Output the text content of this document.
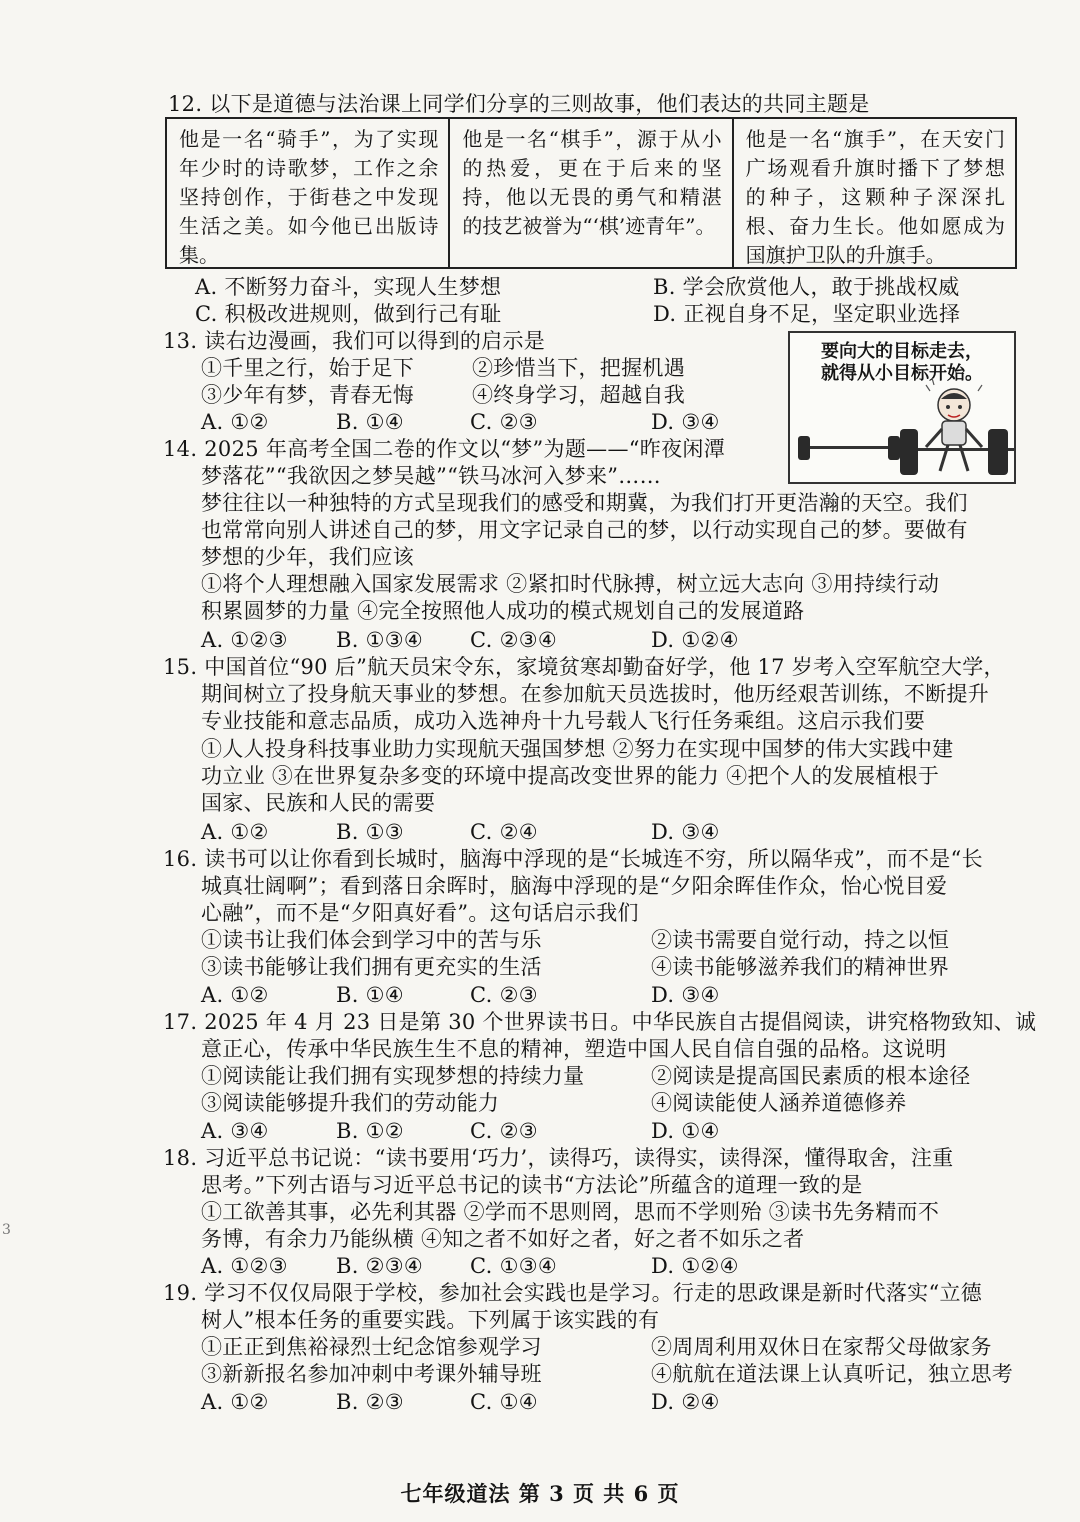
12. 以下是道德与法治课上同学们分享的三则故事，他们表达的共同主题是
他是一名“骑手”，为了实现年少时的诗歌梦，工作之余坚持创作，于街巷之中发现生活之美。如今他已出版诗集。
他是一名“棋手”，源于从小的热爱，更在于后来的坚持，他以无畏的勇气和精湛的技艺被誉为“‘棋’迹青年”。
他是一名“旗手”，在天安门广场观看升旗时播下了梦想的种子，这颗种子深深扎根、奋力生长。他如愿成为国旗护卫队的升旗手。
A. 不断努力奋斗，实现人生梦想	B. 学会欣赏他人，敢于挑战权威
C. 积极改进规则，做到行己有耻	D. 正视自身不足，坚定职业选择
13. 读右边漫画，我们可以得到的启示是
①千里之行，始于足下	②珍惜当下，把握机遇
③少年有梦，青春无悔	④终身学习，超越自我
A. ①②	B. ①④	C. ②③	D. ③④
要向大的目标走去，
就得从小目标开始。
14. 2025 年高考全国二卷的作文以“梦”为题——“昨夜闲潭
梦落花”“我欲因之梦吴越”“铁马冰河入梦来”……
梦往往以一种独特的方式呈现我们的感受和期冀，为我们打开更浩瀚的天空。我们
也常常向别人讲述自己的梦，用文字记录自己的梦，以行动实现自己的梦。要做有
梦想的少年，我们应该
①将个人理想融入国家发展需求 ②紧扣时代脉搏，树立远大志向 ③用持续行动
积累圆梦的力量 ④完全按照他人成功的模式规划自己的发展道路
A. ①②③ B. ①③④ C. ②③④	D. ①②④
15. 中国首位“90 后”航天员宋令东，家境贫寒却勤奋好学，他 17 岁考入空军航空大学，
期间树立了投身航天事业的梦想。在参加航天员选拔时，他历经艰苦训练，不断提升
专业技能和意志品质，成功入选神舟十九号载人飞行任务乘组。这启示我们要
①人人投身科技事业助力实现航天强国梦想 ②努力在实现中国梦的伟大实践中建
功立业 ③在世界复杂多变的环境中提高改变世界的能力 ④把个人的发展植根于
国家、民族和人民的需要
A. ①②	B. ①③	C. ②④	D. ③④
16. 读书可以让你看到长城时，脑海中浮现的是“长城连不穷，所以隔华戎”，而不是“长
城真壮阔啊”；看到落日余晖时，脑海中浮现的是“夕阳余晖佳作众，怡心悦目爱
心融”，而不是“夕阳真好看”。这句话启示我们
①读书让我们体会到学习中的苦与乐	②读书需要自觉行动，持之以恒
③读书能够让我们拥有更充实的生活	④读书能够滋养我们的精神世界
A. ①②	B. ①④	C. ②③	D. ③④
17. 2025 年 4 月 23 日是第 30 个世界读书日。中华民族自古提倡阅读，讲究格物致知、诚
意正心，传承中华民族生生不息的精神，塑造中国人民自信自强的品格。这说明
①阅读能让我们拥有实现梦想的持续力量	②阅读是提高国民素质的根本途径
③阅读能够提升我们的劳动能力	④阅读能使人涵养道德修养
A. ③④	B. ①②	C. ②③	D. ①④
18. 习近平总书记说：“读书要用‘巧力’，读得巧，读得实，读得深，懂得取舍，注重
思考。”下列古语与习近平总书记的读书“方法论”所蕴含的道理一致的是
①工欲善其事，必先利其器 ②学而不思则罔，思而不学则殆 ③读书先务精而不
务博，有余力乃能纵横 ④知之者不如好之者，好之者不如乐之者
A. ①②③ B. ②③④ C. ①③④	D. ①②④
19. 学习不仅仅局限于学校，参加社会实践也是学习。行走的思政课是新时代落实“立德
树人”根本任务的重要实践。下列属于该实践的有
①正正到焦裕禄烈士纪念馆参观学习	②周周利用双休日在家帮父母做家务
③新新报名参加冲刺中考课外辅导班	④航航在道法课上认真听记，独立思考
A. ①②	B. ②③	C. ①④	D. ②④
3
七年级道法 第 3 页 共 6 页
